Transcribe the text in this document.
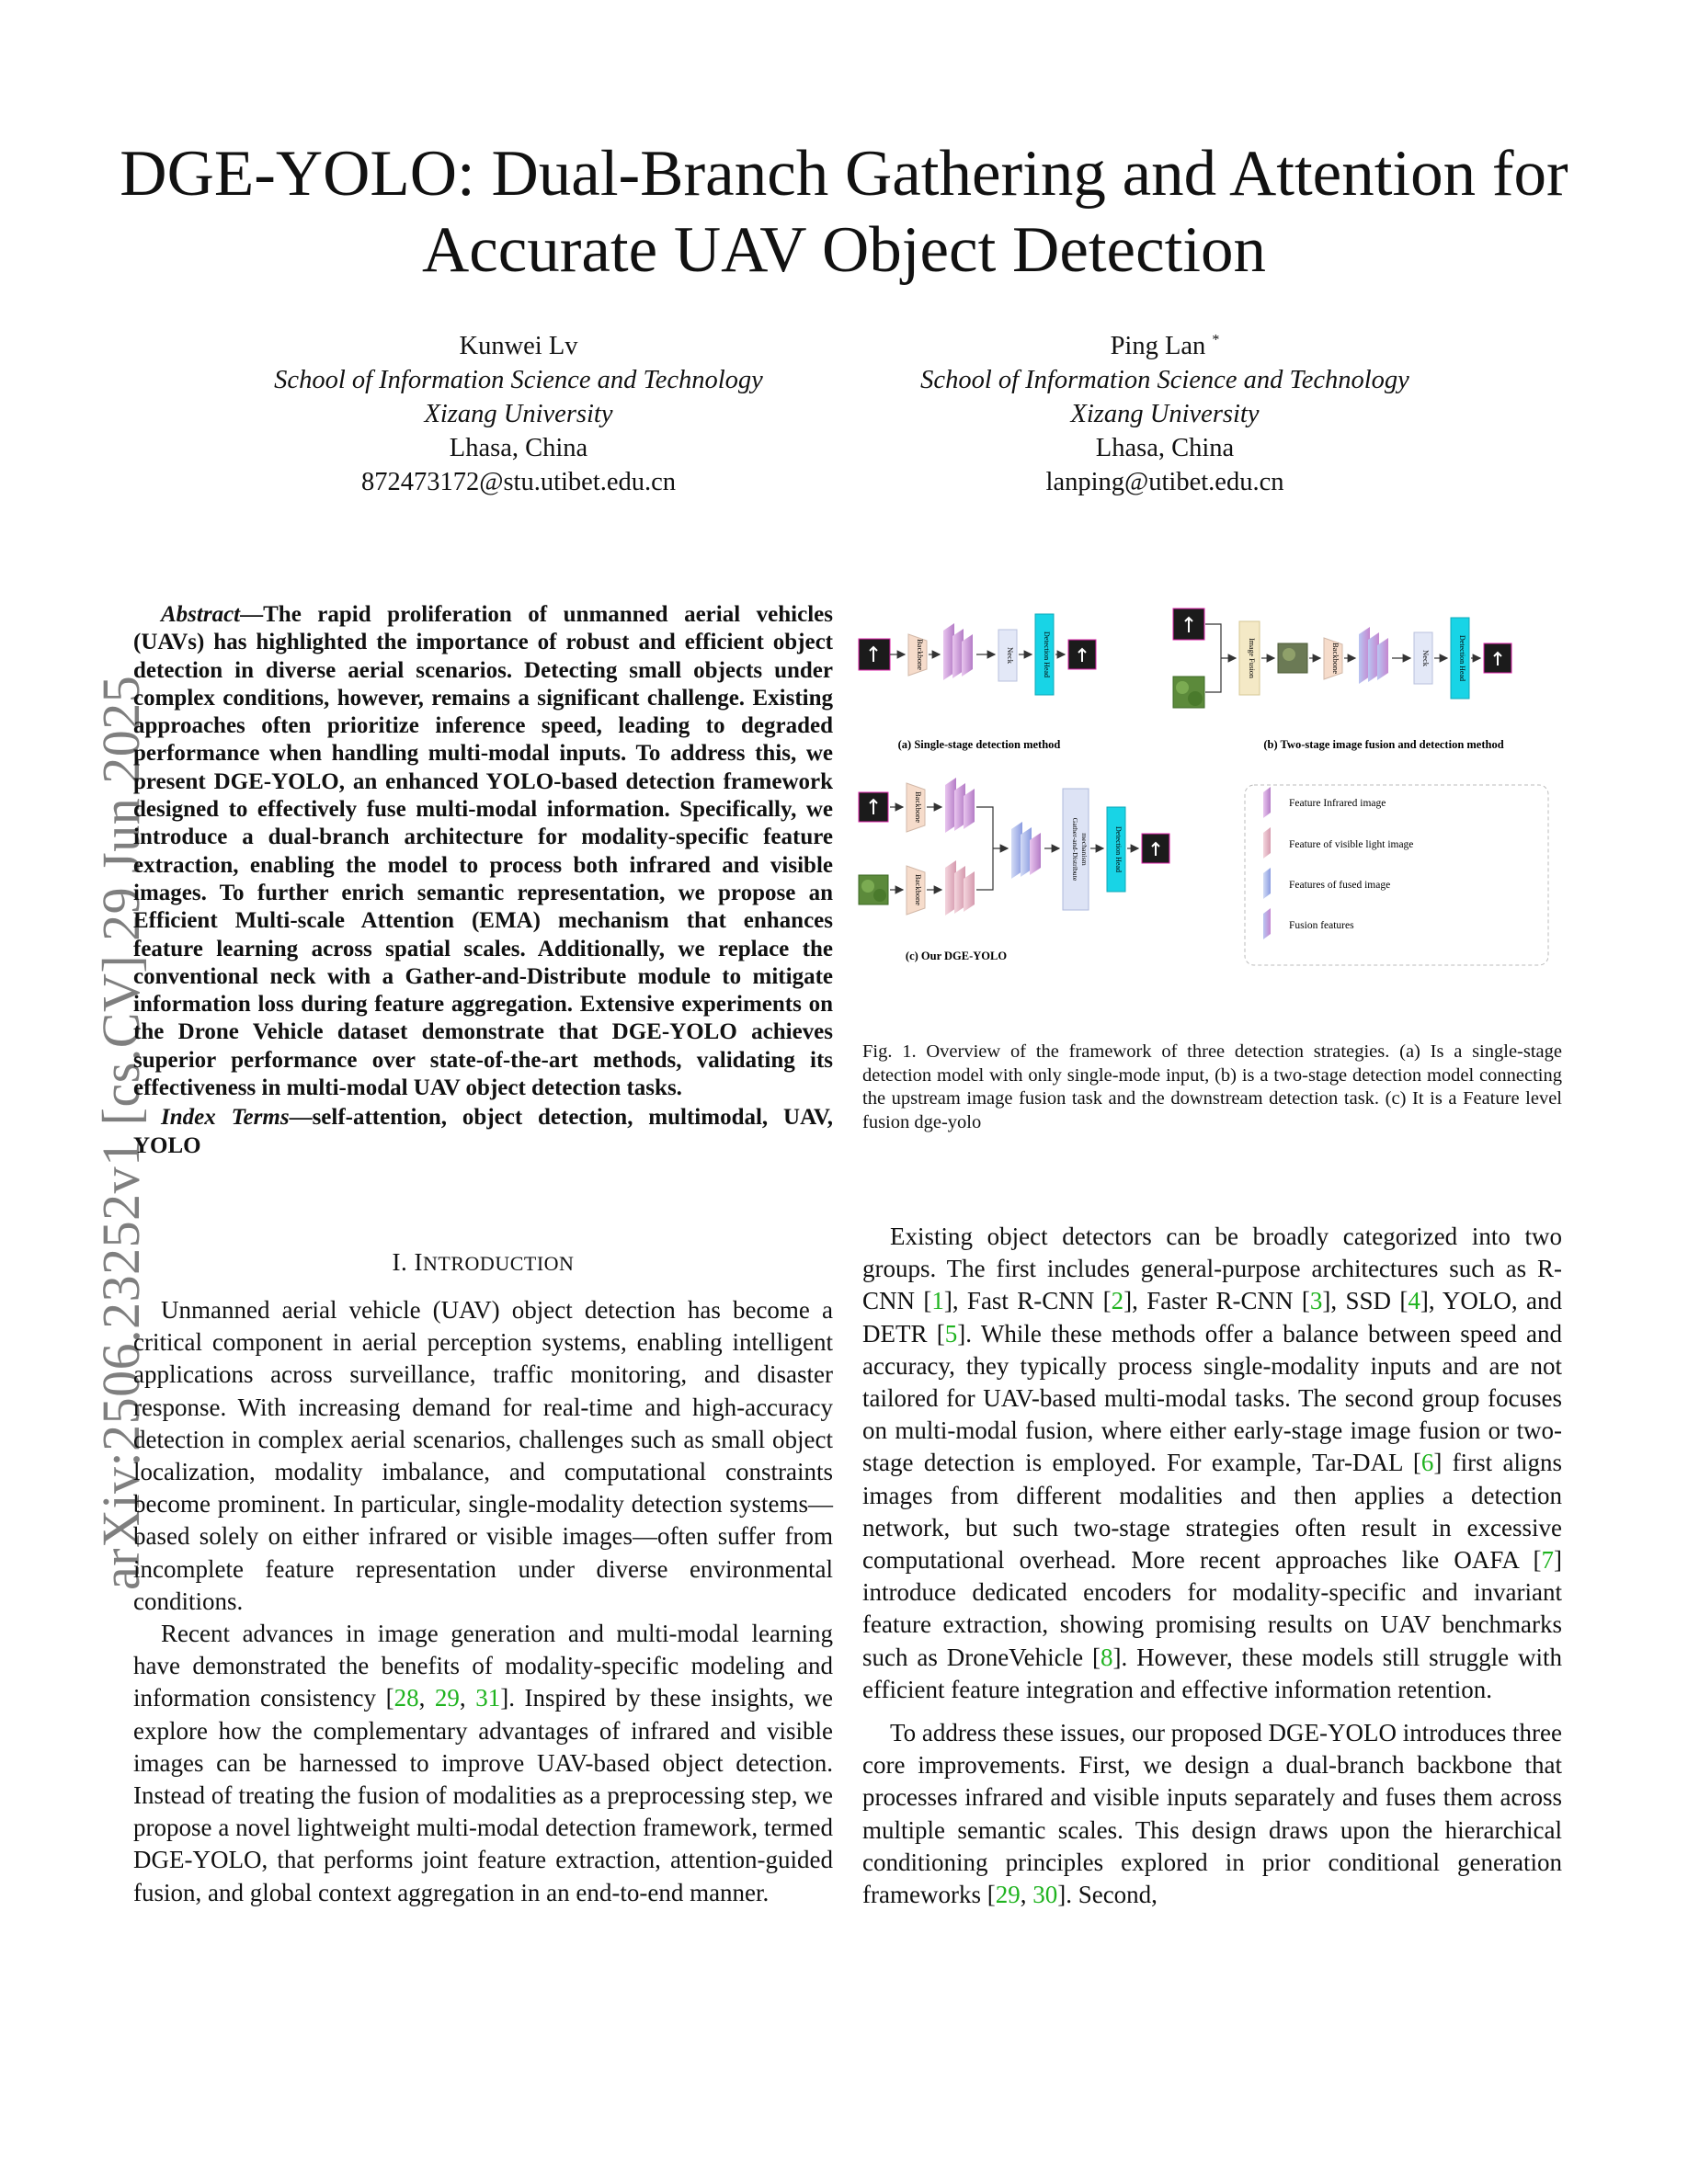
DGE-YOLO: Dual-Branch Gathering and Attention for Accurate UAV Object Detection
Kunwei Lv
School of Information Science and Technology
Xizang University
Lhasa, China
872473172@stu.utibet.edu.cn
Ping Lan *
School of Information Science and Technology
Xizang University
Lhasa, China
lanping@utibet.edu.cn
arXiv:2506.23252v1 [cs.CV] 29 Jun 2025

Abstract—The rapid proliferation of unmanned aerial vehicles (UAVs) has highlighted the importance of robust and efficient object detection in diverse aerial scenarios. Detecting small objects under complex conditions, however, remains a significant challenge. Existing approaches often prioritize inference speed, leading to degraded performance when handling multi-modal inputs. To address this, we present DGE-YOLO, an enhanced YOLO-based detection framework designed to effectively fuse multi-modal information. Specifically, we introduce a dual-branch architecture for modality-specific feature extraction, enabling the model to process both infrared and visible images. To further enrich semantic representation, we propose an Efficient Multi-scale Attention (EMA) mechanism that enhances feature learning across spatial scales. Additionally, we replace the conventional neck with a Gather-and-Distribute module to mitigate information loss during feature aggregation. Extensive experiments on the Drone Vehicle dataset demonstrate that DGE-YOLO achieves superior performance over state-of-the-art methods, validating its effectiveness in multi-modal UAV object detection tasks.

Index Terms—self-attention, object detection, multimodal, UAV, YOLO

I. INTRODUCTION

Unmanned aerial vehicle (UAV) object detection has become a critical component in aerial perception systems, enabling intelligent applications across surveillance, traffic monitoring, and disaster response. With increasing demand for real-time and high-accuracy detection in complex aerial scenarios, challenges such as small object localization, modality imbalance, and computational constraints become prominent. In particular, single-modality detection systems—based solely on either infrared or visible images—often suffer from incomplete feature representation under diverse environmental conditions.

Recent advances in image generation and multi-modal learning have demonstrated the benefits of modality-specific modeling and information consistency [28, 29, 31]. Inspired by these insights, we explore how the complementary advantages of infrared and visible images can be harnessed to improve UAV-based object detection. Instead of treating the fusion of modalities as a preprocessing step, we propose a novel lightweight multi-modal detection framework, termed DGE-YOLO, that performs joint feature extraction, attention-guided fusion, and global context aggregation in an end-to-end manner.

Existing object detectors can be broadly categorized into two groups. The first includes general-purpose architectures such as R-CNN [1], Fast R-CNN [2], Faster R-CNN [3], SSD [4], YOLO, and DETR [5]. While these methods offer a balance between speed and accuracy, they typically process single-modality inputs and are not tailored for UAV-based multi-modal tasks. The second group focuses on multi-modal fusion, where either early-stage image fusion or two-stage detection is employed. For example, Tar-DAL [6] first aligns images from different modalities and then applies a detection network, but such two-stage strategies often result in excessive computational overhead. More recent approaches like OAFA [7] introduce dedicated encoders for modality-specific and invariant feature extraction, showing promising results on UAV benchmarks such as DroneVehicle [8]. However, these models still struggle with efficient feature integration and effective information retention.

To address these issues, our proposed DGE-YOLO introduces three core improvements. First, we design a dual-branch backbone that processes infrared and visible inputs separately and fuses them across multiple semantic scales. This design draws upon the hierarchical conditioning principles explored in prior conditional generation frameworks [29, 30]. Second,

Backbone	Neck	Detection Head
(a) Single-stage detection method
Image Fusion	Backbone	Neck	Detection Head
(b) Two-stage image fusion and detection method
Backbone
Backbone
Gather-and-Distribute mechanism	Detection Head
(c) Our DGE-YOLO
Feature Infrared image
Feature of visible light image
Features of fused image
Fusion features

Fig. 1. Overview of the framework of three detection strategies. (a) Is a single-stage detection model with only single-mode input, (b) is a two-stage detection model connecting the upstream image fusion task and the downstream detection task. (c) It is a Feature level fusion dge-yolo
